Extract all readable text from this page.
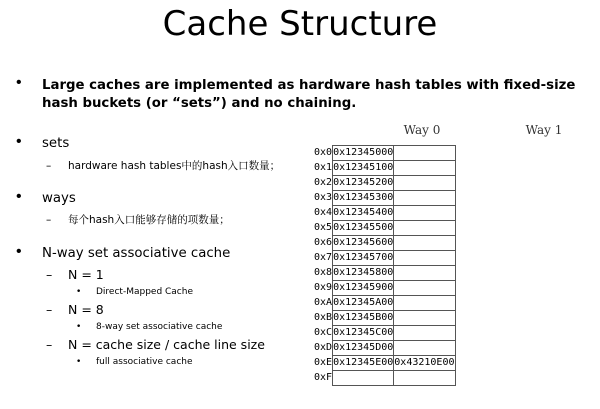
Cache Structure
• Large caches are implemented as hardware hash tables with fixed-size hash buckets (or “sets”) and no chaining.
• sets
– hardware hash tables中的hash入口数量；
• ways
– 每个hash入口能够存储的项数量；
• N-way set associative cache
– N = 1
• Direct-Mapped Cache
– N = 8
• 8-way set associative cache
– N = cache size / cache line size
• full associative cache
Way 0	Way 1
0x0	0x12345000	
0x1	0x12345100	
0x2	0x12345200	
0x3	0x12345300	
0x4	0x12345400	
0x5	0x12345500	
0x6	0x12345600	
0x7	0x12345700	
0x8	0x12345800	
0x9	0x12345900	
0xA	0x12345A00	
0xB	0x12345B00	
0xC	0x12345C00	
0xD	0x12345D00	
0xE	0x12345E00	0x43210E00
0xF		
